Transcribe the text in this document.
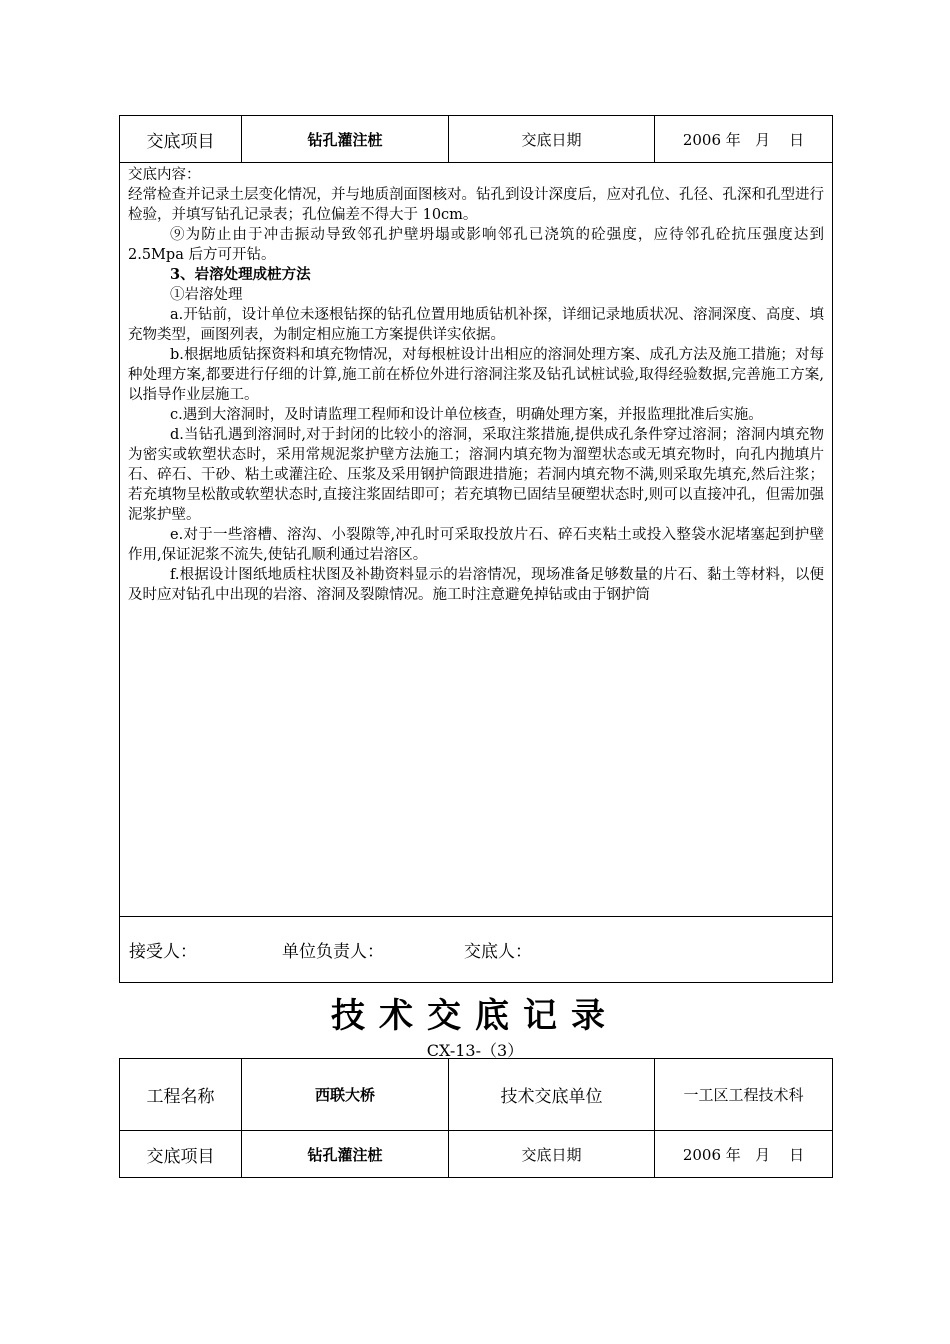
交底项目	钻孔灌注桩	交底日期	2006 年   月    日

交底内容：

经常检查并记录土层变化情况，并与地质剖面图核对。钻孔到设计深度后，应对孔位、孔径、孔深和孔型进行检验，并填写钻孔记录表；孔位偏差不得大于 10cm。

⑨为防止由于冲击振动导致邻孔护壁坍塌或影响邻孔已浇筑的砼强度，应待邻孔砼抗压强度达到 2.5Mpa 后方可开钻。

3、岩溶处理成桩方法

①岩溶处理

a.开钻前，设计单位未逐根钻探的钻孔位置用地质钻机补探，详细记录地质状况、溶洞深度、高度、填充物类型，画图列表，为制定相应施工方案提供详实依据。

b.根据地质钻探资料和填充物情况，对每根桩设计出相应的溶洞处理方案、成孔方法及施工措施；对每种处理方案,都要进行仔细的计算,施工前在桥位外进行溶洞注浆及钻孔试桩试验,取得经验数据,完善施工方案,以指导作业层施工。

c.遇到大溶洞时，及时请监理工程师和设计单位核查，明确处理方案，并报监理批准后实施。

d.当钻孔遇到溶洞时,对于封闭的比较小的溶洞，采取注浆措施,提供成孔条件穿过溶洞；溶洞内填充物为密实或软塑状态时，采用常规泥浆护壁方法施工；溶洞内填充物为溜塑状态或无填充物时，向孔内抛填片石、碎石、干砂、粘土或灌注砼、压浆及采用钢护筒跟进措施；若洞内填充物不满,则采取先填充,然后注浆；若充填物呈松散或软塑状态时,直接注浆固结即可；若充填物已固结呈硬塑状态时,则可以直接冲孔，但需加强泥浆护壁。

e.对于一些溶槽、溶沟、小裂隙等,冲孔时可采取投放片石、碎石夹粘土或投入整袋水泥堵塞起到护壁作用,保证泥浆不流失,使钻孔顺利通过岩溶区。

f.根据设计图纸地质柱状图及补勘资料显示的岩溶情况，现场准备足够数量的片石、黏土等材料，以便及时应对钻孔中出现的岩溶、溶洞及裂隙情况。施工时注意避免掉钻或由于钢护筒

接受人：	单位负责人：	交底人：
技术交底记录
CX-13-（3）
工程名称	西联大桥	技术交底单位	一工区工程技术科
交底项目	钻孔灌注桩	交底日期	2006 年   月    日
